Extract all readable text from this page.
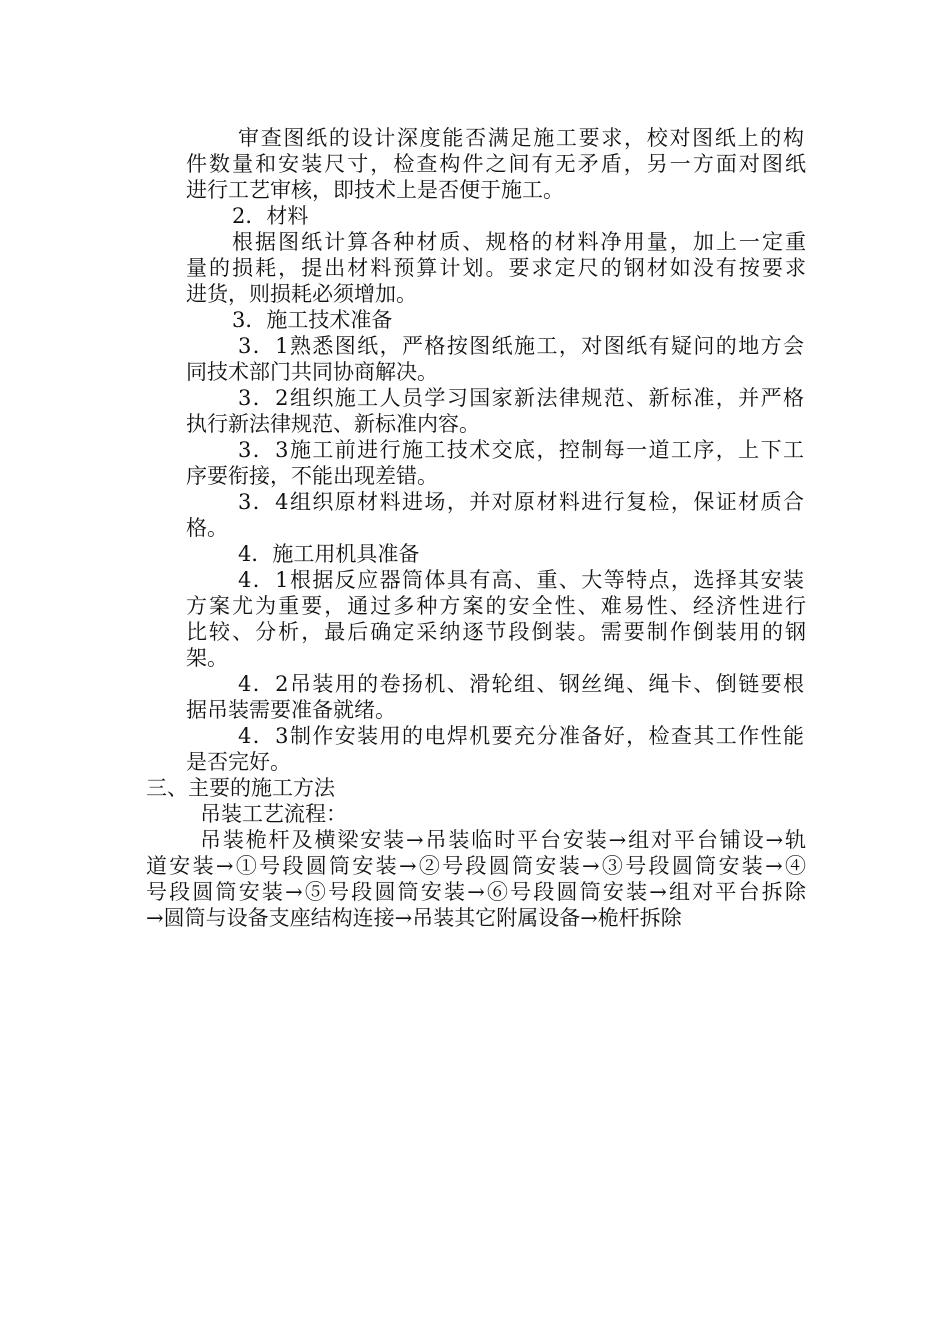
审查图纸的设计深度能否满足施工要求，校对图纸上的构

件数量和安装尺寸，检查构件之间有无矛盾，另一方面对图纸

进行工艺审核，即技术上是否便于施工。

2．材料

根据图纸计算各种材质、规格的材料净用量，加上一定重

量的损耗，提出材料预算计划。要求定尺的钢材如没有按要求

进货，则损耗必须增加。

3．施工技术准备

3．1熟悉图纸，严格按图纸施工，对图纸有疑问的地方会

同技术部门共同协商解决。

3．2组织施工人员学习国家新法律规范、新标准，并严格

执行新法律规范、新标准内容。

3．3施工前进行施工技术交底，控制每一道工序，上下工

序要衔接，不能出现差错。

3．4组织原材料进场，并对原材料进行复检，保证材质合

格。

4．施工用机具准备

4．1根据反应器筒体具有高、重、大等特点，选择其安装

方案尤为重要，通过多种方案的安全性、难易性、经济性进行

比较、分析，最后确定采纳逐节段倒装。需要制作倒装用的钢

架。

4．2吊装用的卷扬机、滑轮组、钢丝绳、绳卡、倒链要根

据吊装需要准备就绪。

4．3制作安装用的电焊机要充分准备好，检查其工作性能

是否完好。

三、主要的施工方法

吊装工艺流程：

吊装桅杆及横梁安装→吊装临时平台安装→组对平台铺设→轨

道安装→①号段圆筒安装→②号段圆筒安装→③号段圆筒安装→④

号段圆筒安装→⑤号段圆筒安装→⑥号段圆筒安装→组对平台拆除

→圆筒与设备支座结构连接→吊装其它附属设备→桅杆拆除
